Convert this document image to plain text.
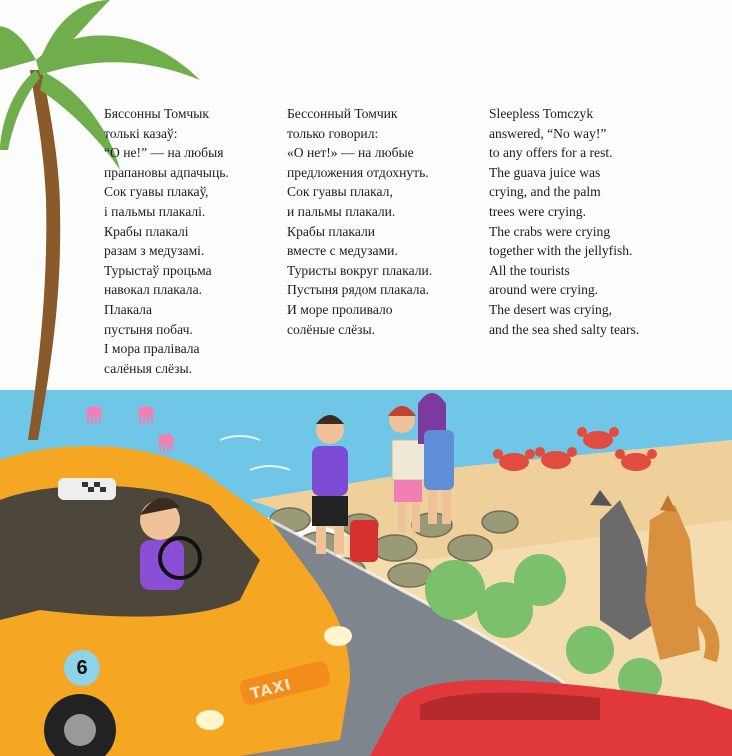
Бяссонны Томчык
толькі казаў:
“О не!” — на любыя
прапановы адпачыць.
Сок гуавы плакаў,
і пальмы плакалі.
Крабы плакалі
разам з медузамі.
Турыстаў процьма
навокал плакала.
Плакала
пустыня побач.
І мора пралівала
салёныя слёзы.
Бессонный Томчик
только говорил:
«О нет!» — на любые
предложения отдохнуть.
Сок гуавы плакал,
и пальмы плакали.
Крабы плакали
вместе с медузами.
Туристы вокруг плакали.
Пустыня рядом плакала.
И море проливало
солёные слёзы.
Sleepless Tomczyk
answered, “No way!”
to any offers for a rest.
The guava juice was
crying, and the palm
trees were crying.
The crabs were crying
together with the jellyfish.
All the tourists
around were crying.
The desert was crying,
and the sea shed salty tears.
6
TAXI
